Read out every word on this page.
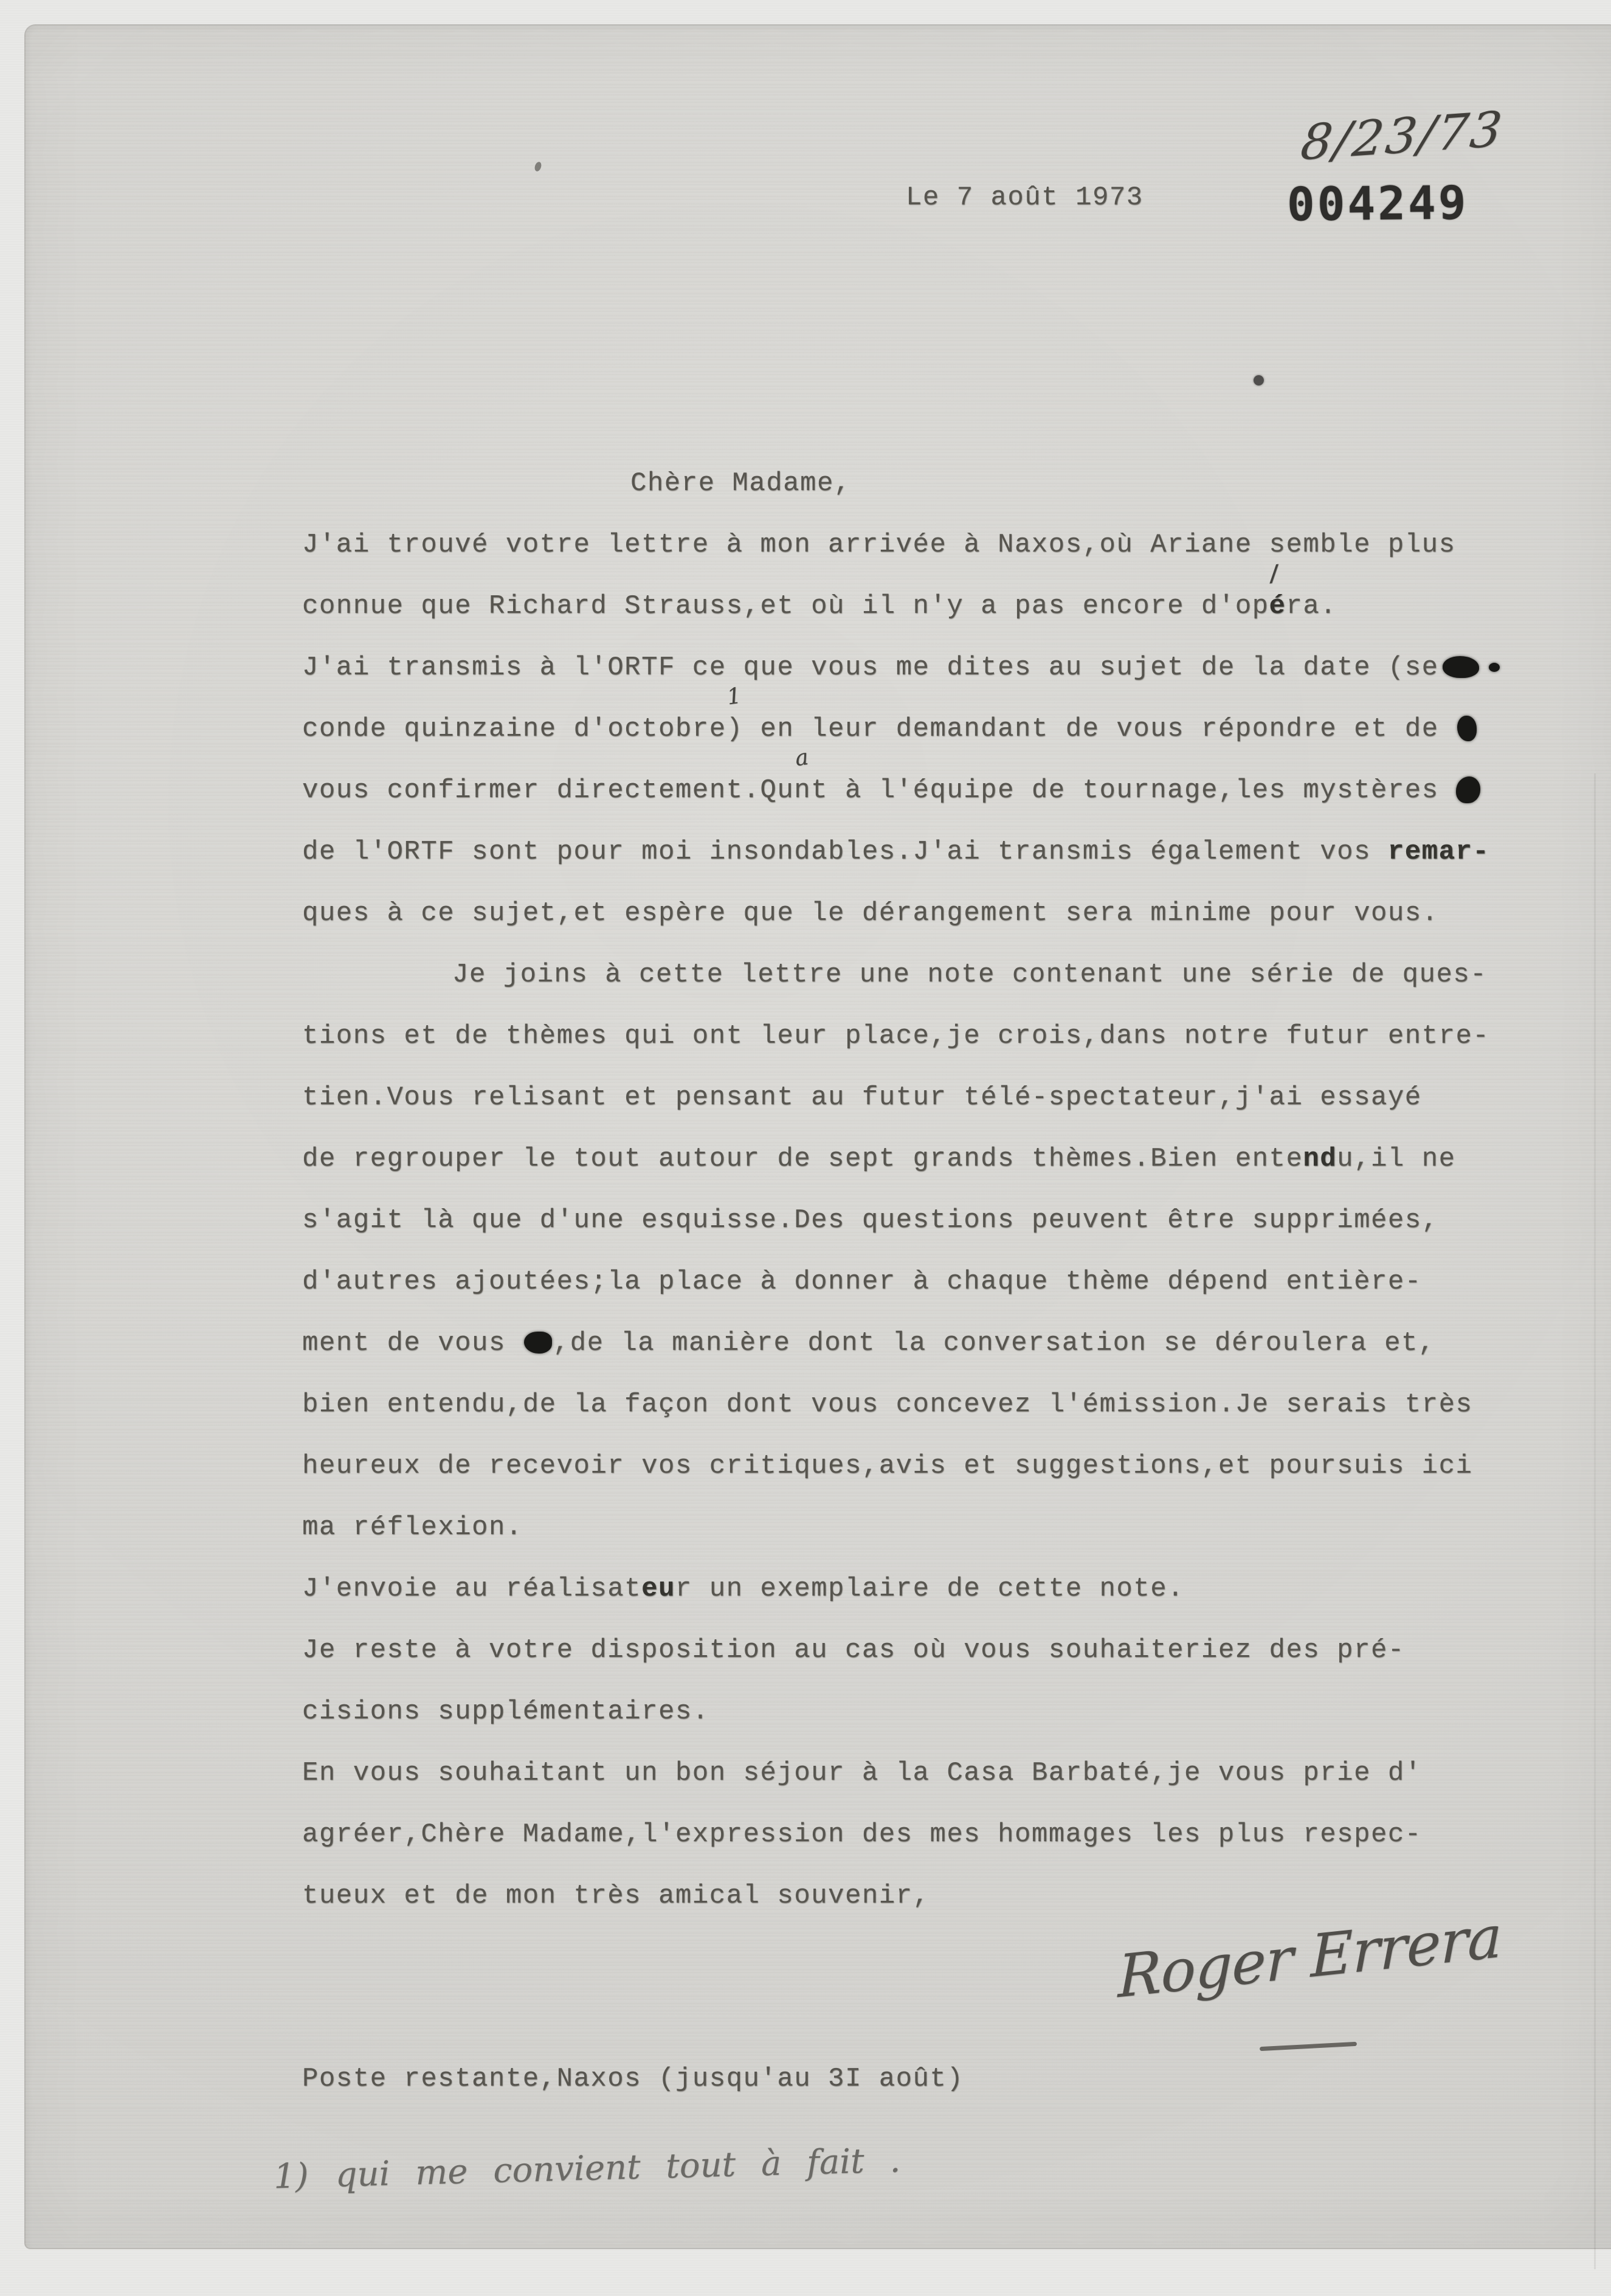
8/23/73
Le 7 août 1973	004249
Chère Madame,
J'ai trouvé votre lettre à mon arrivée à Naxos,où Ariane semble plus
connue que Richard Strauss,et où il n'y a pas encore d'opé
/
ra.
J'ai transmis à l'ORTF ce que vous me dites au sujet de la date (se
conde quinzaine d'octobre)
1
en leur demandant de vous répondre et de
vous confirmer directement.Qunt
a
à l'équipe de tournage,les mystères
de l'ORTF sont pour moi insondables.J'ai transmis également vos remar-
ques à ce sujet,et espère que le dérangement sera minime pour vous.
Je joins à cette lettre une note contenant une série de ques-
tions et de thèmes qui ont leur place,je crois,dans notre futur entre-
tien.Vous relisant et pensant au futur télé-spectateur,j'ai essayé
de regrouper le tout autour de sept grands thèmes.Bien entendu,il ne
s'agit là que d'une esquisse.Des questions peuvent être supprimées,
d'autres ajoutées;la place à donner à chaque thème dépend entière-
ment de vous ,de la manière dont la conversation se déroulera et,
bien entendu,de la façon dont vous concevez l'émission.Je serais très
heureux de recevoir vos critiques,avis et suggestions,et poursuis ici
ma réflexion.
J'envoie au réalisateur un exemplaire de cette note.
Je reste à votre disposition au cas où vous souhaiteriez des pré-
cisions supplémentaires.
En vous souhaitant un bon séjour à la Casa Barbaté,je vous prie d'
agréer,Chère Madame,l'expression des mes hommages les plus respec-
tueux et de mon très amical souvenir,
Roger Errera
Poste restante,Naxos (jusqu'au 3I août)
1) qui me convient tout à fait .
